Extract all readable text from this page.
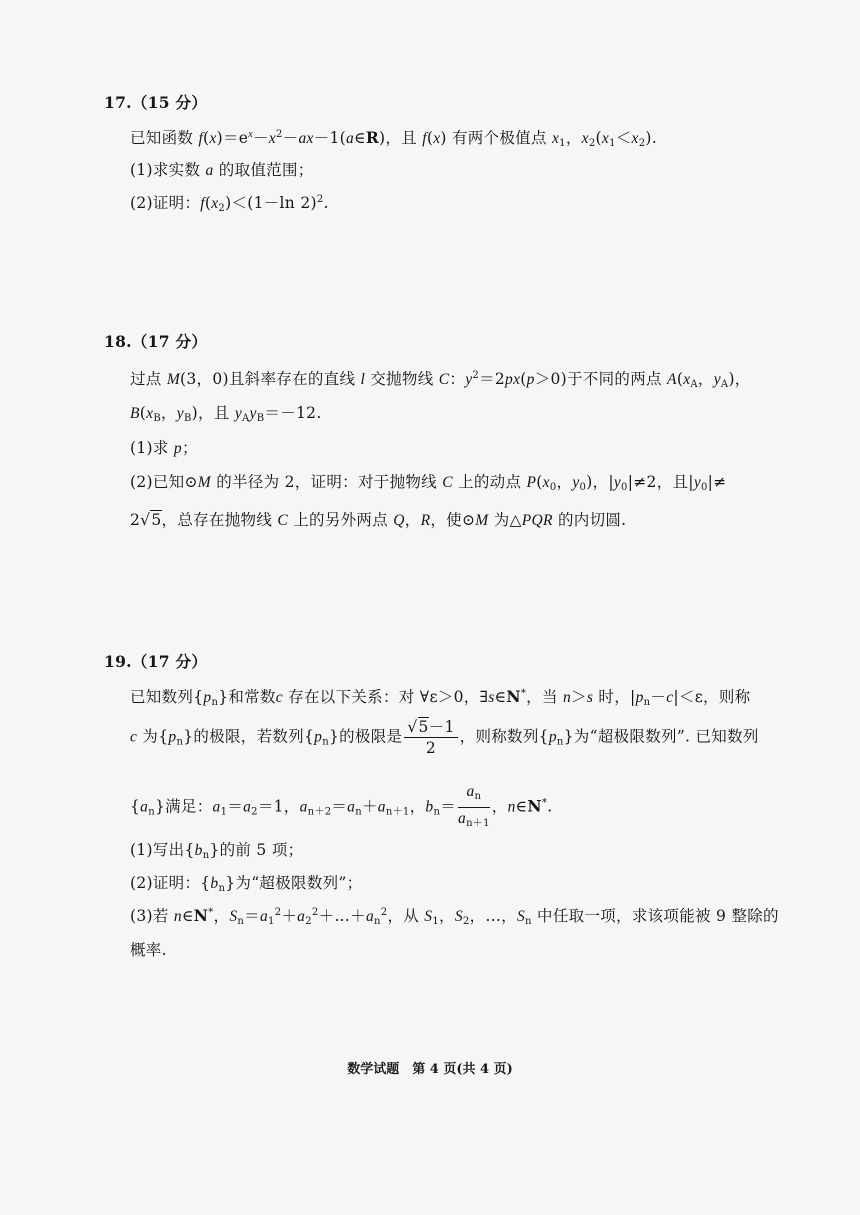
17.（15 分）
已知函数 $f(x)=e^x-x^2-ax-1(a\in R)$，且 f(x) 有两个极值点 $x_1$，$x_2(x_1<x_2)$.
(1)求实数 a 的取值范围；
(2)证明：$f(x_2)<(1-\ln$ 2)$^2$.
18.（17 分）
过点 M(3，0)且斜率存在的直线 l 交抛物线 C：$y^2=2px(p>0)$于不同的两点 $A(x_A$，$y_A$)，
$B(x_B$，$y_B$)，且 $y_Ay_B=-12$.
(1)求 p；
(2)已知⊙M 的半径为 2，证明：对于抛物线 C 上的动点 $P(x_0$，$y_0$)，$|y_0|\ne 2$，且$|y_0|\ne$
2√5，总存在抛物线 C 上的另外两点 Q，R，使⊙M 为△PQR 的内切圆.
19.（17 分）
已知数列$\{p_n\}$和常数c 存在以下关系：对 ∀ε＞0，∃s∈N*，当 n＞s 时，$|p_n-c|<\varepsilon$，则称
c 为$\{p_n\}$的极限，若数列$\{p_n\}$的极限是 $\frac{√5-1}{2}$ ，则称数列$\{p_n\}$为“超极限数列”. 已知数列
$\{a_n\}$满足：$a_1=a_2=1$，$a_{n+2}=a_n+a_{n+1}$，$b_n= \frac{a_n}{a_{n+1}}$ ，n∈N*.
(1)写出$\{b_n\}$的前 5 项；
(2)证明：$\{b_n\}$为“超极限数列”；
(3)若 n∈N*，$S_n=a_1^2+a_2^2+\dots+a_n^2$，从 $S_1$，$S_2$，…，$S_n$ 中任取一项，求该项能被 9 整除的
概率.
数学试题　第 4 页(共 4 页)
